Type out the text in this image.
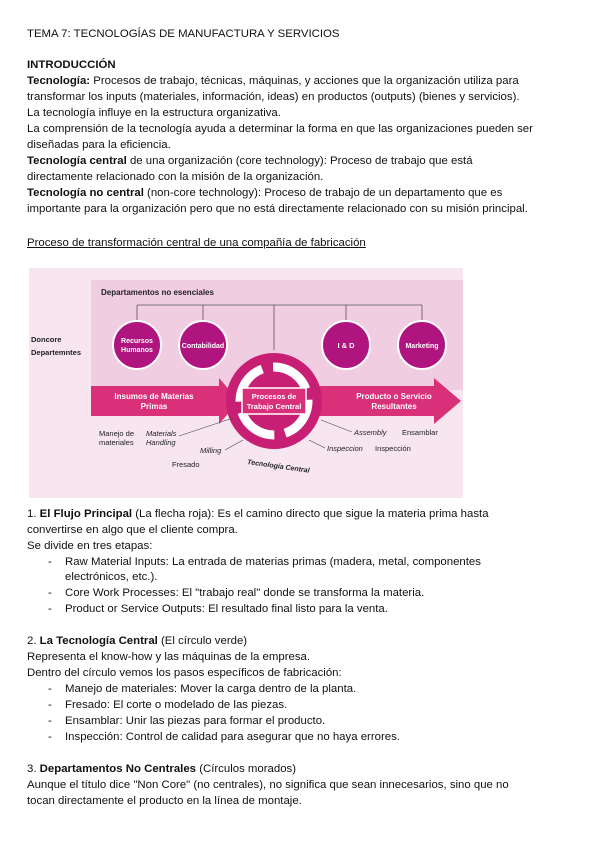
TEMA 7: TECNOLOGÍAS DE MANUFACTURA Y SERVICIOS
INTRODUCCIÓN
Tecnología: Procesos de trabajo, técnicas, máquinas, y acciones que la organización utiliza para
transformar los inputs (materiales, información, ideas) en productos (outputs) (bienes y servicios).
La tecnología influye en la estructura organizativa.
La comprensión de la tecnología ayuda a determinar la forma en que las organizaciones pueden ser
diseñadas para la eficiencia.
Tecnología central de una organización (core technology): Proceso de trabajo que está
directamente relacionado con la misión de la organización.
Tecnología no central (non-core technology): Proceso de trabajo de un departamento que es
importante para la organización pero que no está directamente relacionado con su misión principal.
Proceso de transformación central de una compañía de fabricación
Departamentos no esenciales
Doncore
Departemntes
Recursos
Humanos
Contabilidad	I & D	Marketing
Procesos de
Trabajo Central
Insumos de Materias
Primas
Producto o Servicio
Resultantes
Manejo de
materiales
Materials
Handling
Milling
Fresado	Tecnología Central
Assembly Ensamblar
Inspeccion Inspección
1. El Flujo Principal (La flecha roja): Es el camino directo que sigue la materia prima hasta
convertirse en algo que el cliente compra.
Se divide en tres etapas:
- Raw Material Inputs: La entrada de materias primas (madera, metal, componentes
electrónicos, etc.).
- Core Work Processes: El "trabajo real" donde se transforma la materia.
- Product or Service Outputs: El resultado final listo para la venta.
2. La Tecnología Central (El círculo verde)
Representa el know-how y las máquinas de la empresa.
Dentro del círculo vemos los pasos específicos de fabricación:
- Manejo de materiales: Mover la carga dentro de la planta.
- Fresado: El corte o modelado de las piezas.
- Ensamblar: Unir las piezas para formar el producto.
- Inspección: Control de calidad para asegurar que no haya errores.
3. Departamentos No Centrales (Círculos morados)
Aunque el título dice "Non Core" (no centrales), no significa que sean innecesarios, sino que no
tocan directamente el producto en la línea de montaje.
